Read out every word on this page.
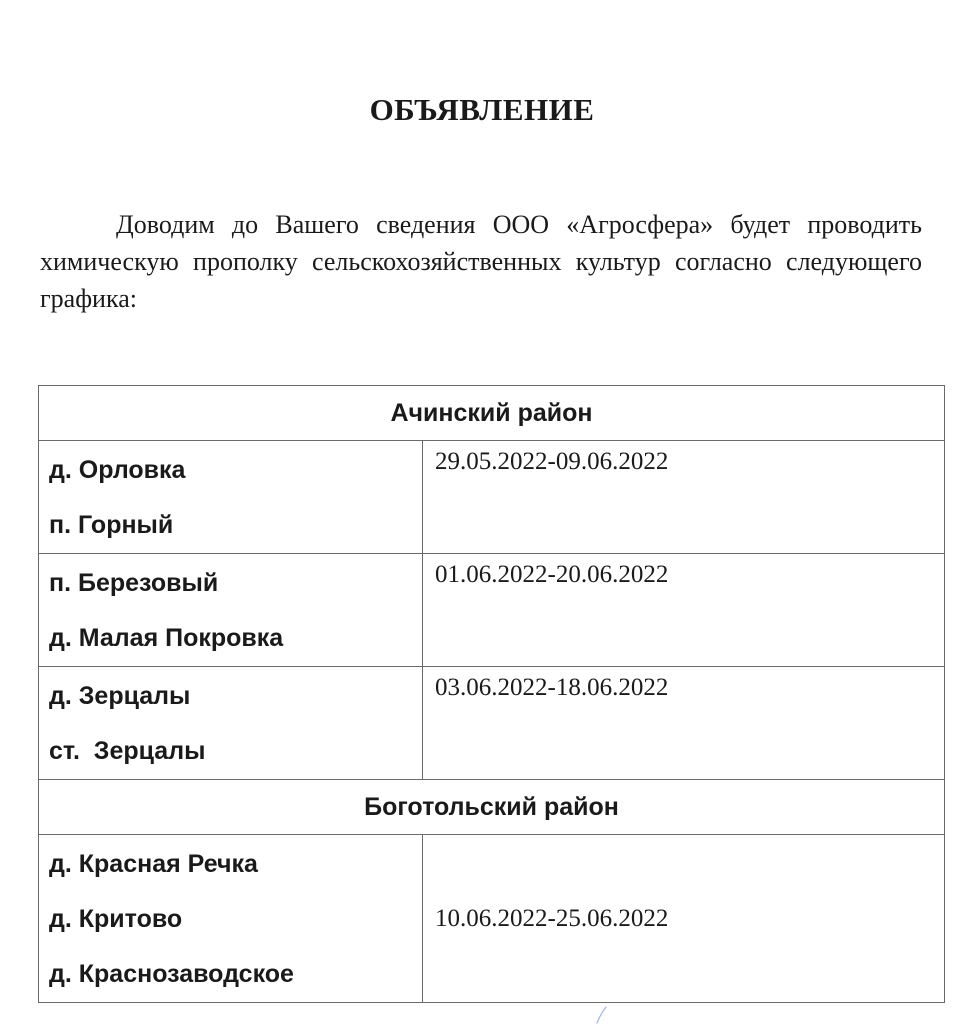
ОБЪЯВЛЕНИЕ
Доводим до Вашего сведения ООО «Агросфера» будет проводить химическую прополку сельскохозяйственных культур согласно следующего графика:
Ачинский район	

д. Орловка
п. Горный	29.05.2022-09.06.2022

п. Березовый
д. Малая Покровка	01.06.2022-20.06.2022

д. Зерцалы
ст.  Зерцалы	03.06.2022-18.06.2022
Боготольский район	

д. Красная Речка
д. Критово
д. Краснозаводское	10.06.2022-25.06.2022
